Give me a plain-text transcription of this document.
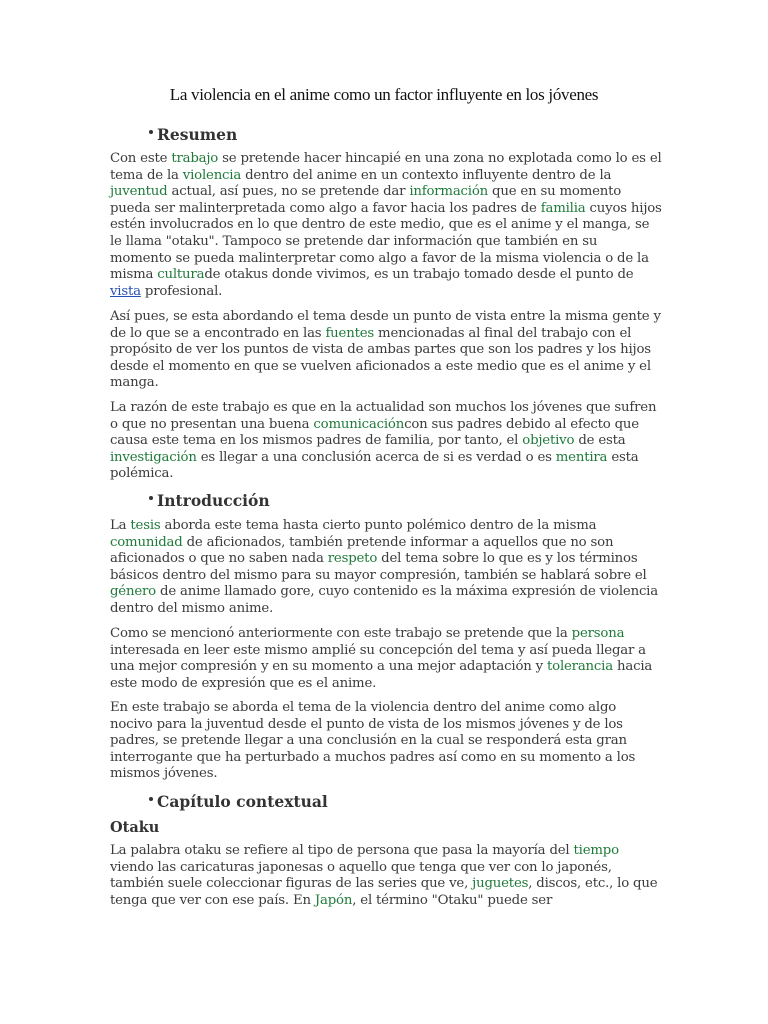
La violencia en el anime como un factor influyente en los jóvenes
Resumen
Con este trabajo se pretende hacer hincapié en una zona no explotada como lo es el tema de la violencia dentro del anime en un contexto influyente dentro de la juventud actual, así pues, no se pretende dar información que en su momento pueda ser malinterpretada como algo a favor hacia los padres de familia cuyos hijos estén involucrados en lo que dentro de este medio, que es el anime y el manga, se le llama "otaku". Tampoco se pretende dar información que también en su momento se pueda malinterpretar como algo a favor de la misma violencia o de la misma culturade otakus donde vivimos, es un trabajo tomado desde el punto de vista profesional.
Así pues, se esta abordando el tema desde un punto de vista entre la misma gente y de lo que se a encontrado en las fuentes mencionadas al final del trabajo con el propósito de ver los puntos de vista de ambas partes que son los padres y los hijos desde el momento en que se vuelven aficionados a este medio que es el anime y el manga.
La razón de este trabajo es que en la actualidad son muchos los jóvenes que sufren o que no presentan una buena comunicacióncon sus padres debido al efecto que causa este tema en los mismos padres de familia, por tanto, el objetivo de esta investigación es llegar a una conclusión acerca de si es verdad o es mentira esta polémica.
Introducción
La tesis aborda este tema hasta cierto punto polémico dentro de la misma comunidad de aficionados, también pretende informar a aquellos que no son aficionados o que no saben nada respeto del tema sobre lo que es y los términos básicos dentro del mismo para su mayor compresión, también se hablará sobre el género de anime llamado gore, cuyo contenido es la máxima expresión de violencia dentro del mismo anime.
Como se mencionó anteriormente con este trabajo se pretende que la persona interesada en leer este mismo amplié su concepción del tema y así pueda llegar a una mejor compresión y en su momento a una mejor adaptación y tolerancia hacia este modo de expresión que es el anime.
En este trabajo se aborda el tema de la violencia dentro del anime como algo nocivo para la juventud desde el punto de vista de los mismos jóvenes y de los padres, se pretende llegar a una conclusión en la cual se responderá esta gran interrogante que ha perturbado a muchos padres así como en su momento a los mismos jóvenes.
Capítulo contextual
Otaku
La palabra otaku se refiere al tipo de persona que pasa la mayoría del tiempo viendo las caricaturas japonesas o aquello que tenga que ver con lo japonés, también suele coleccionar figuras de las series que ve, juguetes, discos, etc., lo que tenga que ver con ese país. En Japón, el término "Otaku" puede ser
